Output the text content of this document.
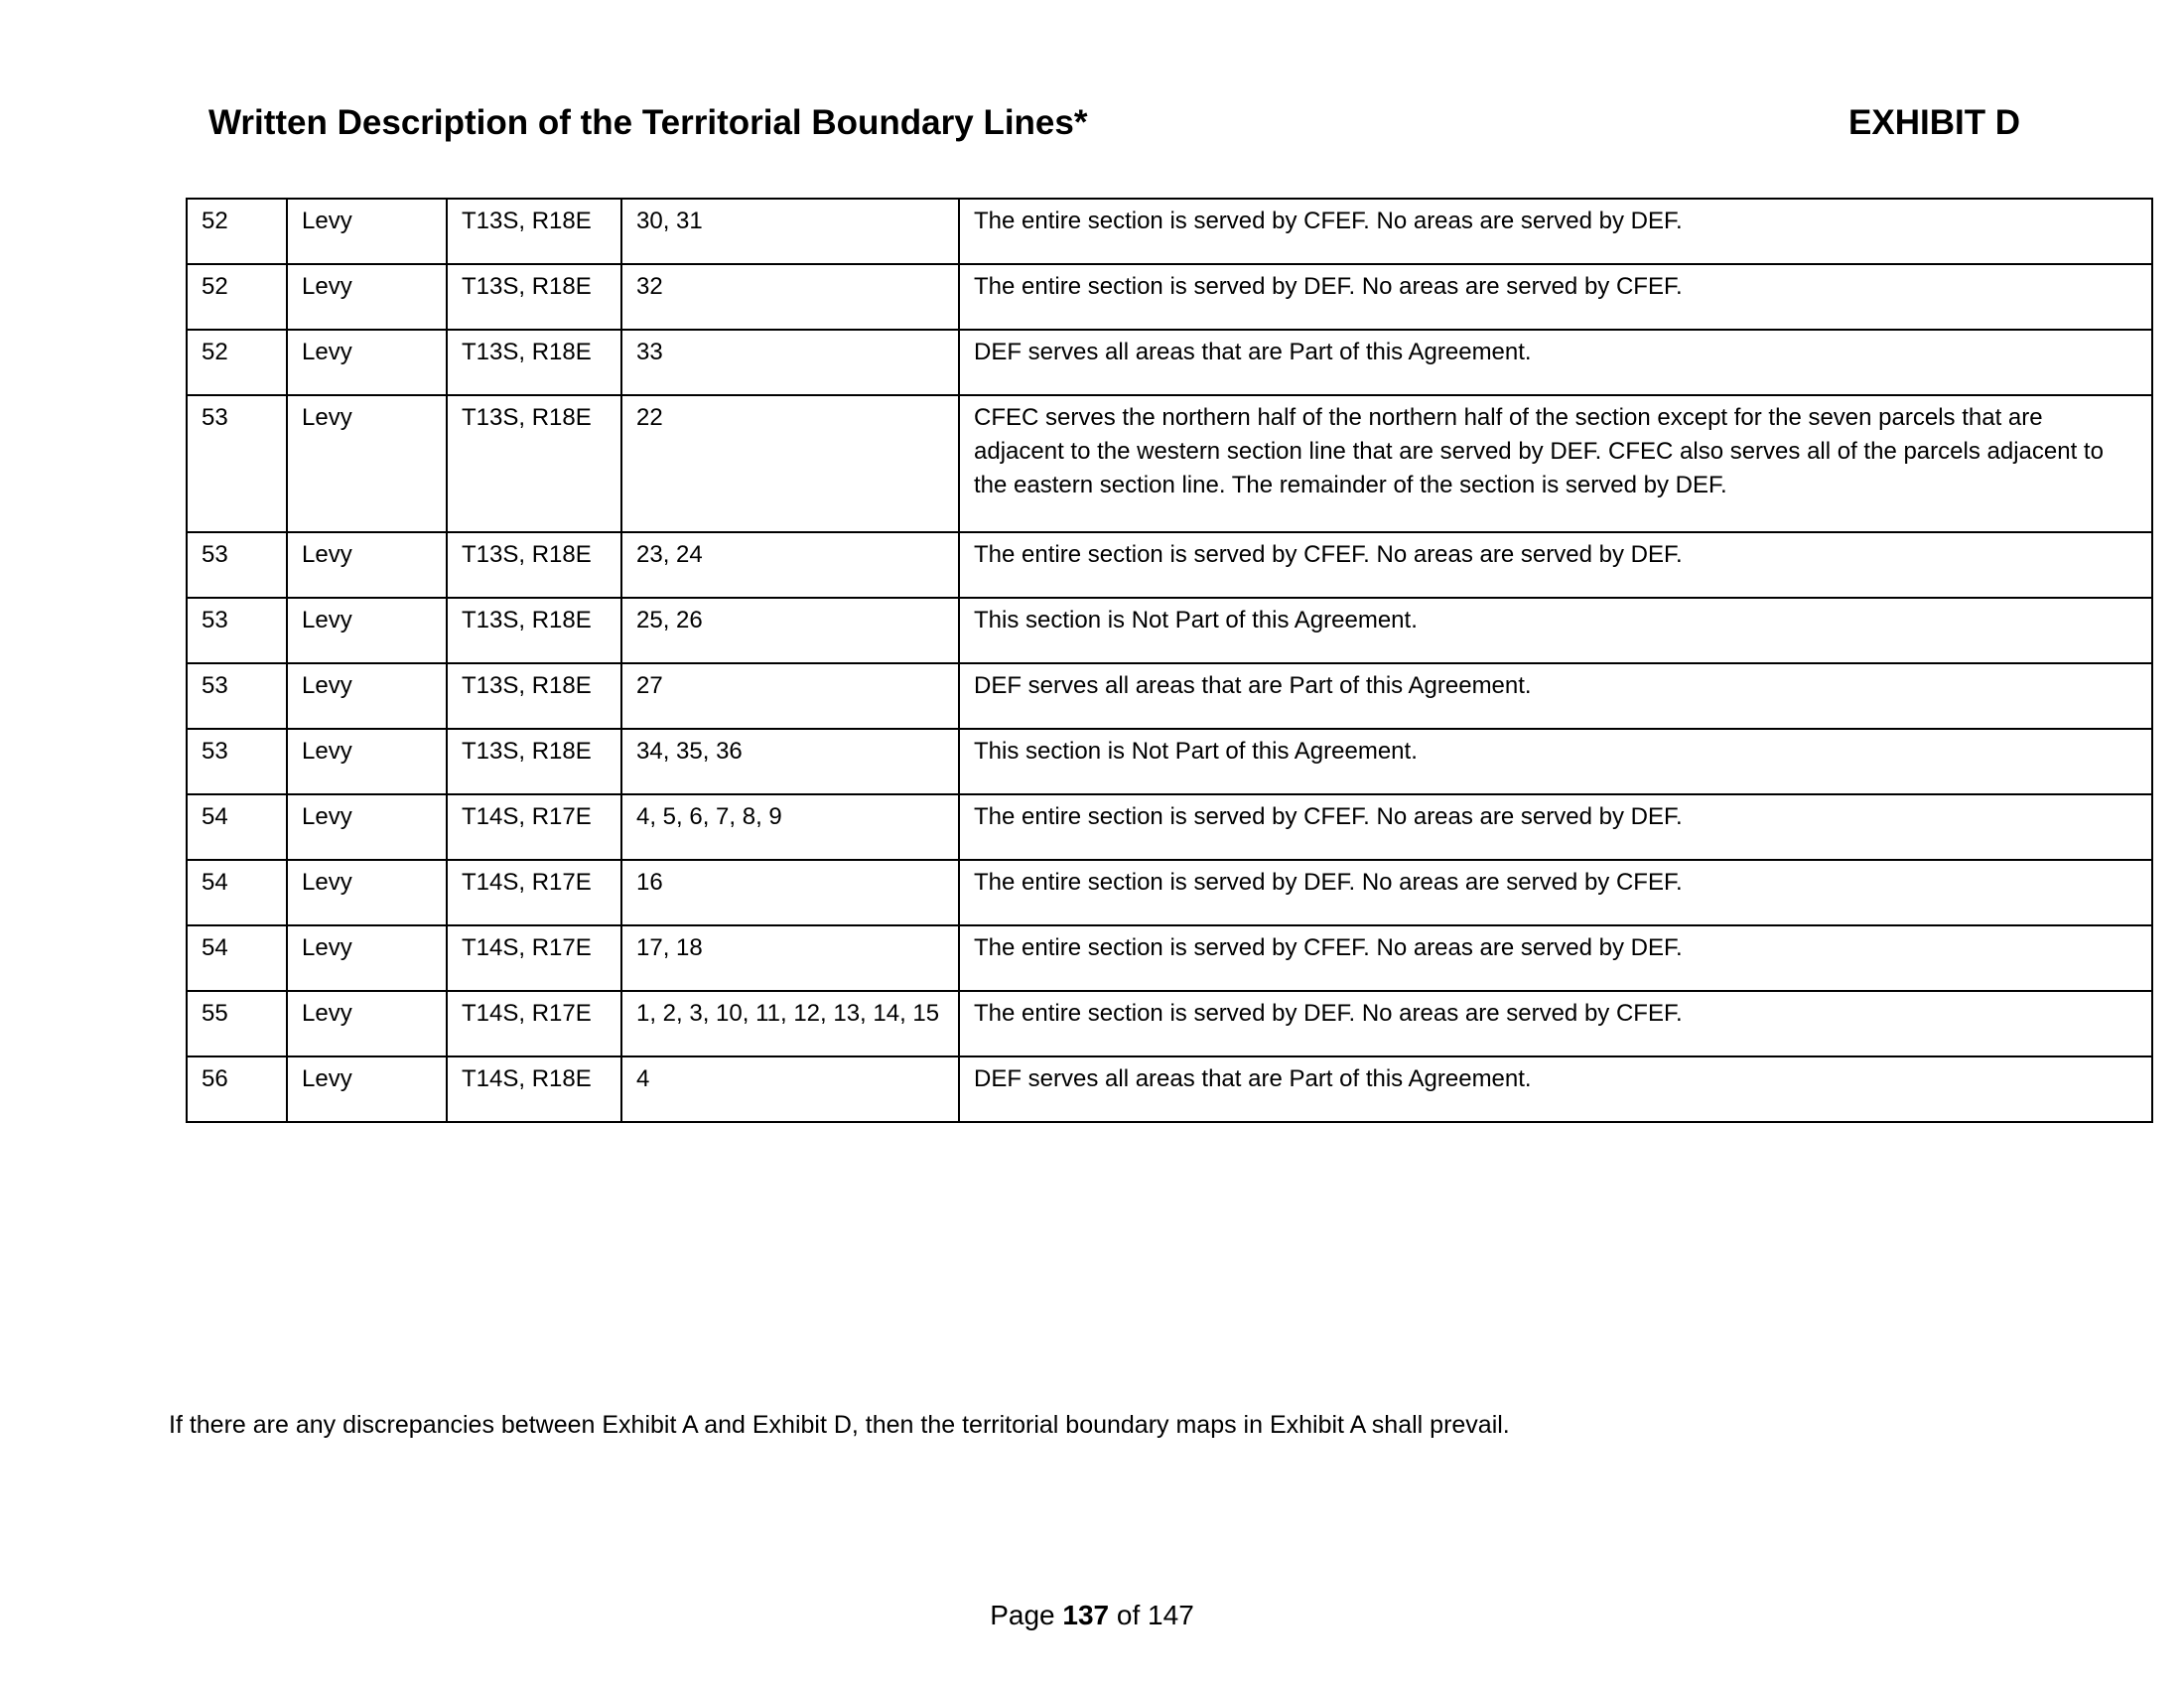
Written Description of the Territorial Boundary Lines*	EXHIBIT D
52	Levy	T13S, R18E	30, 31	The entire section is served by CFEF. No areas are served by DEF.
52	Levy	T13S, R18E	32	The entire section is served by DEF. No areas are served by CFEF.
52	Levy	T13S, R18E	33	DEF serves all areas that are Part of this Agreement.
53	Levy	T13S, R18E	22	CFEC serves the northern half of the northern half of the section except for the seven parcels that are adjacent to the western section line that are served by DEF. CFEC also serves all of the parcels adjacent to the eastern section line. The remainder of the section is served by DEF.
53	Levy	T13S, R18E	23, 24	The entire section is served by CFEF. No areas are served by DEF.
53	Levy	T13S, R18E	25, 26	This section is Not Part of this Agreement.
53	Levy	T13S, R18E	27	DEF serves all areas that are Part of this Agreement.
53	Levy	T13S, R18E	34, 35, 36	This section is Not Part of this Agreement.
54	Levy	T14S, R17E	4, 5, 6, 7, 8, 9	The entire section is served by CFEF. No areas are served by DEF.
54	Levy	T14S, R17E	16	The entire section is served by DEF. No areas are served by CFEF.
54	Levy	T14S, R17E	17, 18	The entire section is served by CFEF. No areas are served by DEF.
55	Levy	T14S, R17E	1, 2, 3, 10, 11, 12, 13, 14, 15	The entire section is served by DEF. No areas are served by CFEF.
56	Levy	T14S, R18E	4	DEF serves all areas that are Part of this Agreement.
If there are any discrepancies between Exhibit A and Exhibit D, then the territorial boundary maps in Exhibit A shall prevail.
Page 137 of 147
